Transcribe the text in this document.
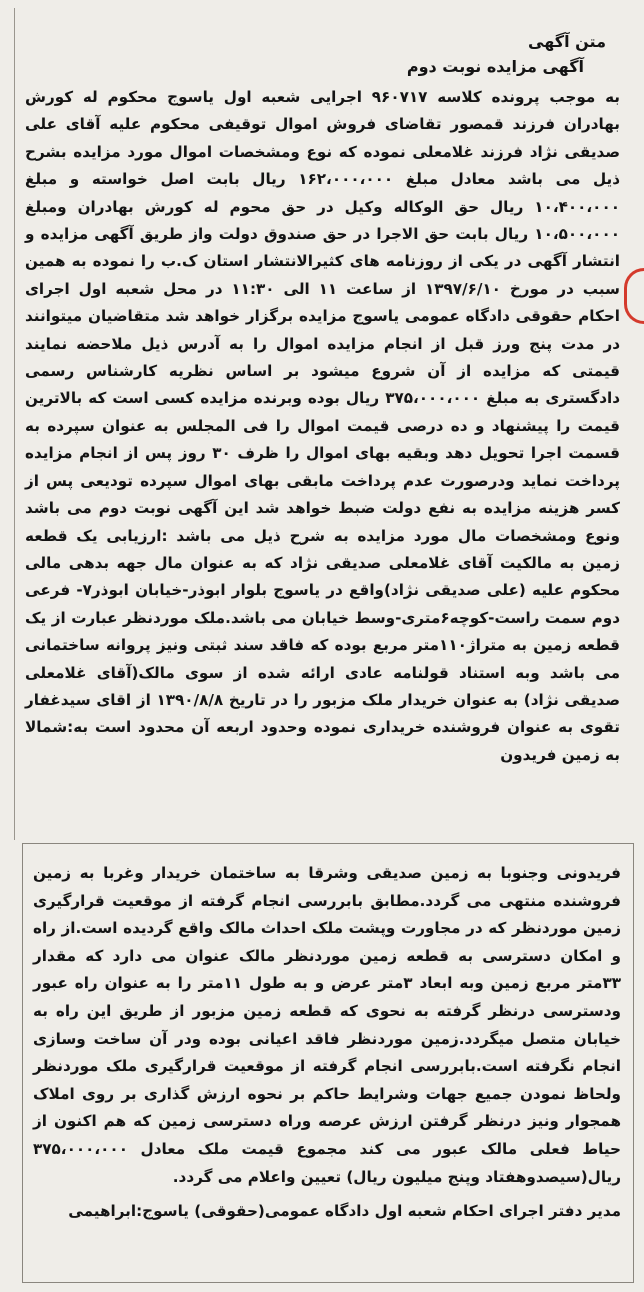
متن آگهی
آگهی مزایده نوبت دوم

به موجب پرونده کلاسه ۹۶۰۷۱۷ اجرایی شعبه اول یاسوج محکوم له کورش بهادران فرزند قمصور تقاضای فروش اموال توقیفی محکوم علیه آقای علی صدیقی نژاد فرزند غلامعلی نموده که نوع ومشخصات اموال مورد مزایده بشرح ذیل می باشد معادل مبلغ ۱۶۲،۰۰۰،۰۰۰ ریال بابت اصل خواسته و مبلغ ۱۰،۴۰۰،۰۰۰ ریال حق الوکاله وکیل در حق محوم له کورش بهادران ومبلغ ۱۰،۵۰۰،۰۰۰ ریال بابت حق الاجرا در حق صندوق دولت واز طریق آگهی مزایده و انتشار آگهی در یکی از روزنامه های کثیرالانتشار استان ک.ب را نموده به همین سبب در مورخ ۱۳۹۷/۶/۱۰ از ساعت ۱۱ الی ۱۱:۳۰ در محل شعبه اول اجرای احکام حقوقی دادگاه عمومی یاسوج مزایده برگزار خواهد شد متقاضیان میتوانند در مدت پنج ورز قبل از انجام مزایده اموال را به آدرس ذیل ملاحضه نمایند قیمتی که مزایده از آن شروع میشود بر اساس نظریه کارشناس رسمی دادگستری به مبلغ ۳۷۵،۰۰۰،۰۰۰ ریال بوده وبرنده مزایده کسی است که بالاترین قیمت را پیشنهاد و ده درصی قیمت اموال را فی المجلس به عنوان سپرده به قسمت اجرا تحویل دهد وبقیه بهای اموال را ظرف ۳۰ روز پس از انجام مزایده پرداخت نماید ودرصورت عدم پرداخت مابقی بهای اموال سپرده تودیعی پس از کسر هزینه مزایده به نفع دولت ضبط خواهد شد این آگهی نوبت دوم می باشد ونوع ومشخصات مال مورد مزایده به شرح ذیل می باشد :ارزیابی یک قطعه زمین به مالکیت آقای غلامعلی صدیقی نژاد که به عنوان مال جهه بدهی مالی محکوم علیه (علی صدیقی نژاد)واقع در یاسوج بلوار ابوذر-خیابان ابوذر۷- فرعی دوم سمت راست-کوچه۶متری-وسط خیابان می باشد.ملک موردنظر عبارت از یک قطعه زمین به متراژ۱۱۰متر مربع بوده که فاقد سند ثبتی ونیز پروانه ساختمانی می باشد وبه استناد قولنامه عادی ارائه شده از سوی مالک(آقای غلامعلی صدیقی نژاد) به عنوان خریدار ملک مزبور را در تاریخ ۱۳۹۰/۸/۸ از اقای سیدغفار تقوی به عنوان فروشنده خریداری نموده وحدود اربعه آن محدود است به:شمالا به زمین فریدون

فریدونی وجنوبا به زمین صدیقی وشرقا به ساختمان خریدار وغربا به زمین فروشنده منتهی می گردد.مطابق بابررسی انجام گرفته از موقعیت قرارگیری زمین موردنظر که در مجاورت وپشت ملک احداث مالک واقع گردیده است.از راه و امکان دسترسی به قطعه زمین موردنظر مالک عنوان می دارد که مقدار ۳۳متر مربع زمین وبه ابعاد ۳متر عرض و به طول ۱۱متر را به عنوان راه عبور ودسترسی درنظر گرفته به نحوی که قطعه زمین مزبور از طریق این راه به خیابان متصل میگردد.زمین موردنظر فاقد اعیانی بوده ودر آن ساخت وسازی انجام نگرفته است.بابررسی انجام گرفته از موقعیت قرارگیری ملک موردنظر ولحاظ نمودن جمیع جهات وشرایط حاکم بر نحوه ارزش گذاری بر روی املاک همجوار ونیز درنظر گرفتن ارزش عرصه وراه دسترسی زمین که هم اکنون از حیاط فعلی مالک عبور می کند مجموع قیمت ملک معادل ۳۷۵،۰۰۰،۰۰۰ ریال(سیصدوهفتاد وپنج میلیون ریال) تعیین واعلام می گردد.

مدیر دفتر اجرای احکام شعبه اول دادگاه عمومی(حقوقی) یاسوج:ابراهیمی
